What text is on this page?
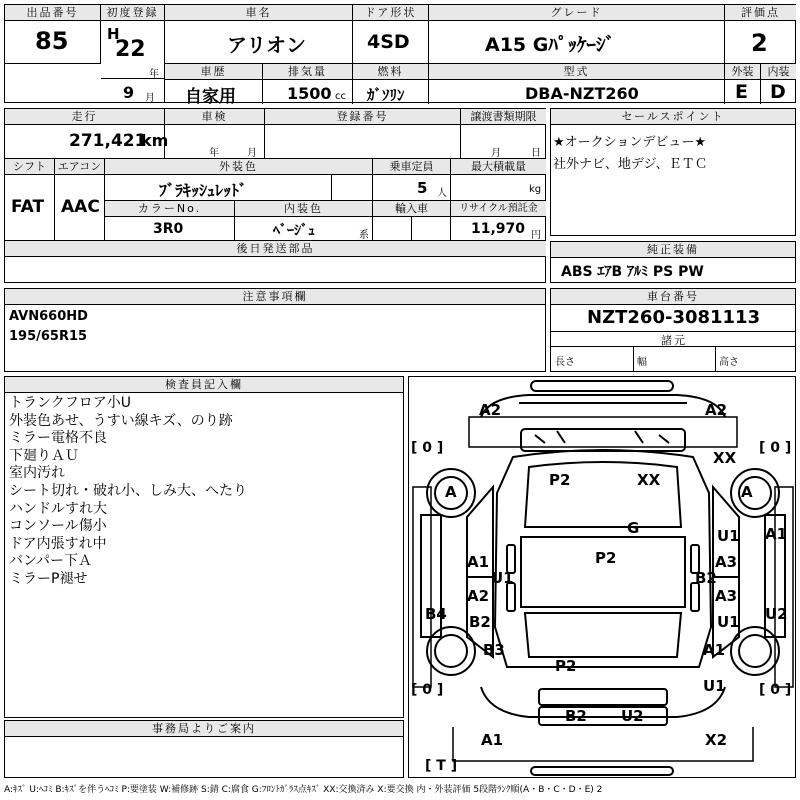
出品番号
85
初度登録
H
22
年
9 月
車名
アリオン
ドア形状
4SD
グレード
A15 Gﾊﾟｯｹｰｼﾞ
評価点
2
車歴
自家用
排気量
1500 cc
燃料
ｶﾞｿﾘﾝ
型式
DBA-NZT260
外装
E
内装
D
走行
271,421
km
車検
年	月
登録番号	譲渡書類期限
月	日
シフト
FAT
エアコン
AAC
外装色
ﾌﾞﾗｷｯｼｭﾚｯﾄﾞ
乗車定員
5 人
最大積載量
kg
カラーNo.
3R0
内装色
ﾍﾞｰｼﾞｭ	系
輸入車	リサイクル預託金
11,970 円
後日発送部品
セールスポイント
★オークションデビュー★
社外ナビ、地デジ、ＥＴＣ
純正装備
ABS ｴｱB ｱﾙﾐ PS PW
注意事項欄
AVN660HD
195/65R15
車台番号
NZT260-3081113
諸元
長さ	幅	高さ
検査員記入欄
トランクフロア小U
外装色あせ、うすい線キズ、のり跡
ミラー電格不良
下廻りＡＵ
室内汚れ
シート切れ・破れ小、しみ大、へたり
ハンドルすれ大
コンソール傷小
ドア内張すれ中
バンパー下Ａ
ミラーP褪せ
事務局よりご案内
A2	A2
XX
P2	XX
A	A
G	U1
A1
A1
P2	A3
U1	B2
A2	A3
B4 B2	U1 U2
B3	A1
P2
U1
B2 U2
A1	X2
[ 0 ]	[ 0 ]
[ 0 ]	[ 0 ]
[ T ]
A:ｷｽﾞ U:ﾍｺﾐ B:ｷｽﾞを伴うﾍｺﾐ P:要塗装 W:補修跡 S:錆 C:腐食 G:ﾌﾛﾝﾄｶﾞﾗｽ点ｷｽﾞ XX:交換済み X:要交換 内・外装評価 5段階ﾗﾝｸ順(A・B・C・D・E) 2
